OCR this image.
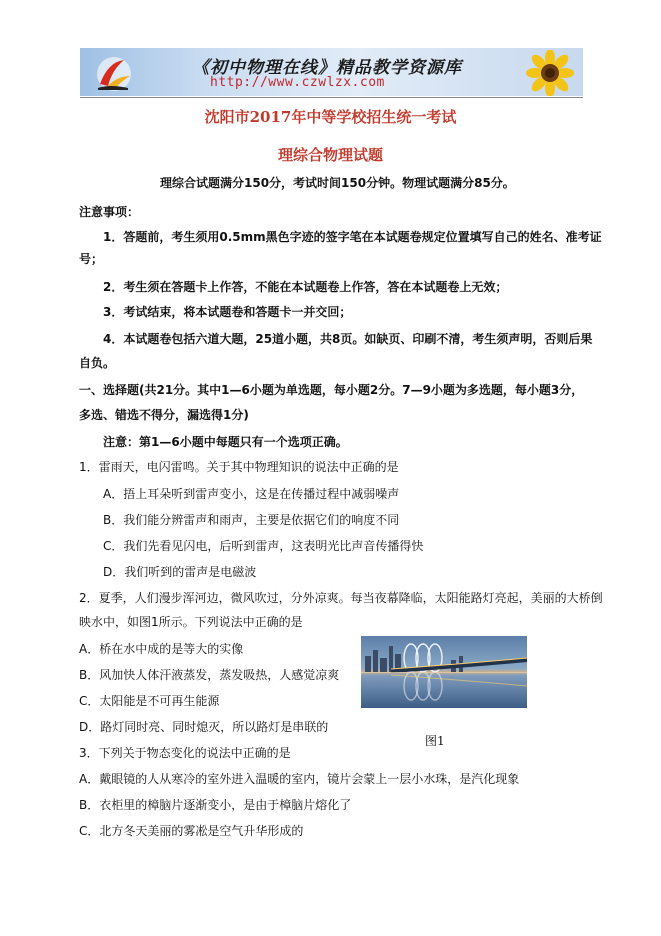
《初中物理在线》精品教学资源库
http://www.czwlzx.com
沈阳市2017年中等学校招生统一考试
理综合物理试题
理综合试题满分150分，考试时间150分钟。物理试题满分85分。
注意事项：
1．答题前，考生须用0.5mm黑色字迹的签字笔在本试题卷规定位置填写自己的姓名、准考证
号；
2．考生须在答题卡上作答，不能在本试题卷上作答，答在本试题卷上无效；
3．考试结束，将本试题卷和答题卡一并交回；
4．本试题卷包括六道大题，25道小题，共8页。如缺页、印刷不清，考生须声明，否则后果
自负。
一、选择题(共21分。其中1—6小题为单选题，每小题2分。7—9小题为多选题，每小题3分，
多选、错选不得分，漏选得1分)
注意：第1—6小题中每题只有一个选项正确。
1．雷雨天，电闪雷鸣。关于其中物理知识的说法中正确的是
A．捂上耳朵听到雷声变小，这是在传播过程中减弱噪声
B．我们能分辨雷声和雨声，主要是依据它们的响度不同
C．我们先看见闪电，后听到雷声，这表明光比声音传播得快
D．我们听到的雷声是电磁波
2．夏季，人们漫步浑河边，微风吹过，分外凉爽。每当夜幕降临，太阳能路灯亮起，美丽的大桥倒
映水中，如图1所示。下列说法中正确的是
A．桥在水中成的是等大的实像
B．风加快人体汗液蒸发，蒸发吸热，人感觉凉爽
C．太阳能是不可再生能源
D．路灯同时亮、同时熄灭，所以路灯是串联的
图1
3．下列关于物态变化的说法中正确的是
A．戴眼镜的人从寒冷的室外进入温暖的室内，镜片会蒙上一层小水珠，是汽化现象
B．衣柜里的樟脑片逐渐变小，是由于樟脑片熔化了
C．北方冬天美丽的雾凇是空气升华形成的
